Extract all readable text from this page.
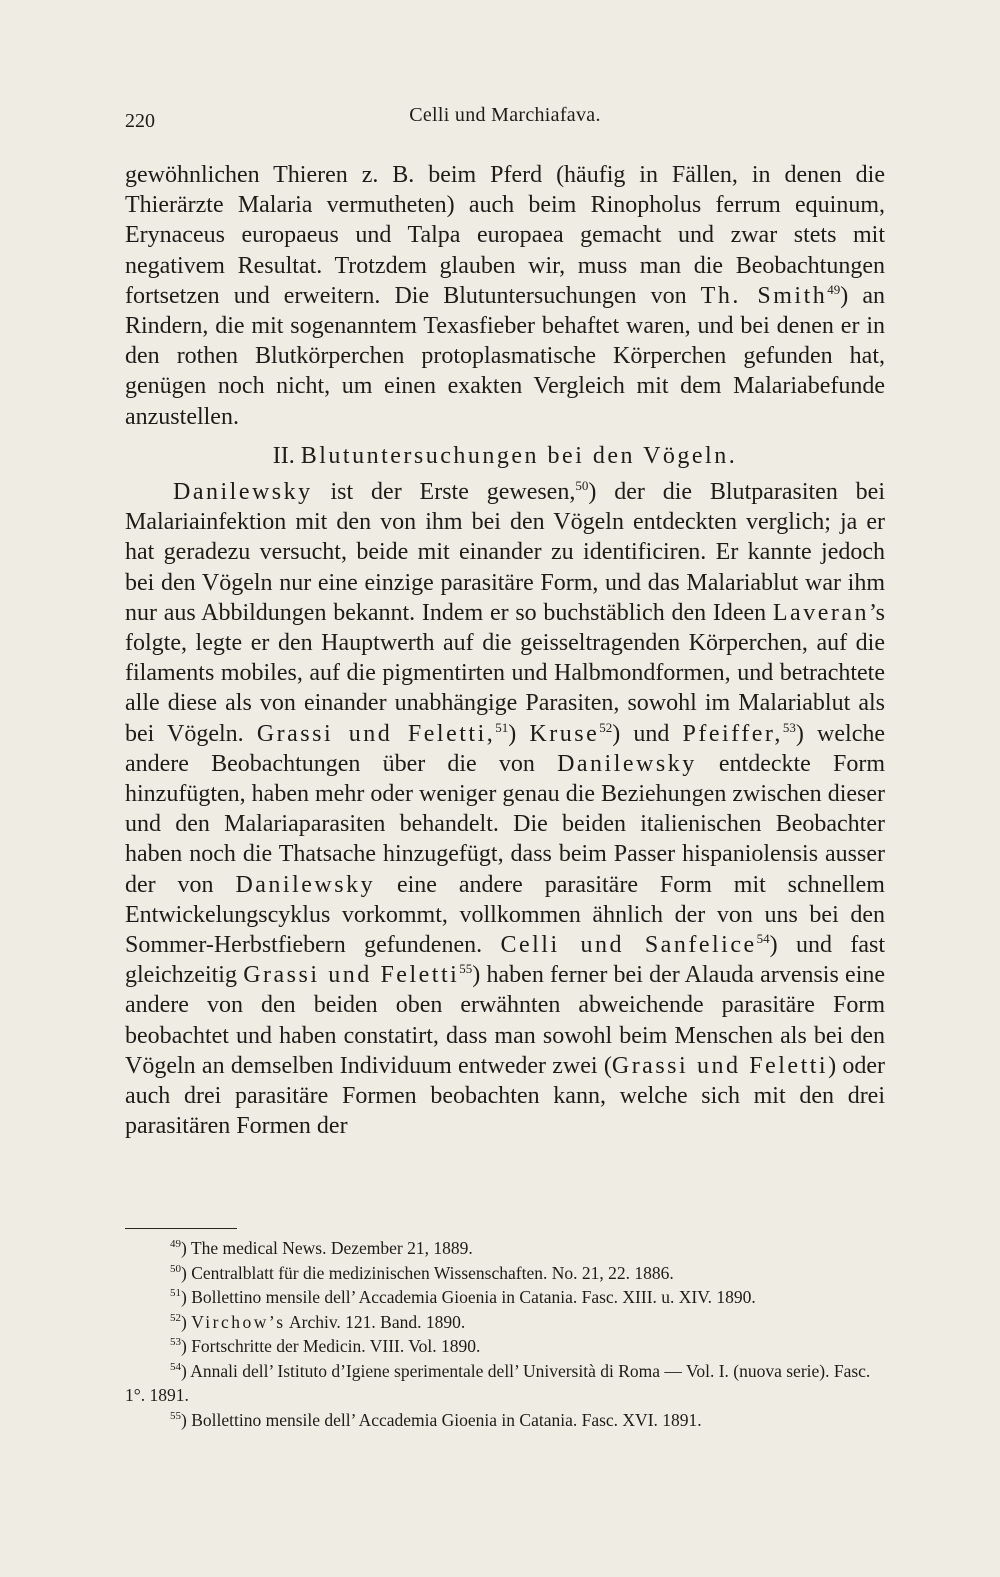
220	Celli und Marchiafava.

gewöhnlichen Thieren z. B. beim Pferd (häufig in Fällen, in denen die Thierärzte Malaria vermutheten) auch beim Rinopholus ferrum equinum, Erynaceus europaeus und Talpa europaea gemacht und zwar stets mit negativem Resultat. Trotzdem glauben wir, muss man die Beobachtungen fortsetzen und erweitern. Die Blutuntersuchungen von Th. Smith$^{49}$) an Rindern, die mit sogenanntem Texasfieber behaftet waren, und bei denen er in den rothen Blutkörperchen protoplasmatische Körperchen gefunden hat, genügen noch nicht, um einen exakten Vergleich mit dem Malariabefunde anzustellen.

II. Blutuntersuchungen bei den Vögeln.

Danilewsky ist der Erste gewesen,$^{50}$) der die Blutparasiten bei Malariainfektion mit den von ihm bei den Vögeln entdeckten verglich; ja er hat geradezu versucht, beide mit einander zu identificiren. Er kannte jedoch bei den Vögeln nur eine einzige parasitäre Form, und das Malariablut war ihm nur aus Abbildungen bekannt. Indem er so buchstäblich den Ideen Laveran’s folgte, legte er den Hauptwerth auf die geisseltragenden Körperchen, auf die filaments mobiles, auf die pigmentirten und Halbmondformen, und betrachtete alle diese als von einander unabhängige Parasiten, sowohl im Malariablut als bei Vögeln. Grassi und Feletti,$^{51}$) Kruse$^{52}$) und Pfeiffer,$^{53}$) welche andere Beobachtungen über die von Danilewsky entdeckte Form hinzufügten, haben mehr oder weniger genau die Beziehungen zwischen dieser und den Malariaparasiten behandelt. Die beiden italienischen Beobachter haben noch die Thatsache hinzugefügt, dass beim Passer hispaniolensis ausser der von Danilewsky eine andere parasitäre Form mit schnellem Entwickelungscyklus vorkommt, vollkommen ähnlich der von uns bei den Sommer-Herbstfiebern gefundenen. Celli und Sanfelice$^{54}$) und fast gleichzeitig Grassi und Feletti$^{55}$) haben ferner bei der Alauda arvensis eine andere von den beiden oben erwähnten abweichende parasitäre Form beobachtet und haben constatirt, dass man sowohl beim Menschen als bei den Vögeln an demselben Individuum entweder zwei (Grassi und Feletti) oder auch drei parasitäre Formen beobachten kann, welche sich mit den drei parasitären Formen der

$^{49}$) The medical News. Dezember 21, 1889.

$^{50}$) Centralblatt für die medizinischen Wissenschaften. No. 21, 22. 1886.

$^{51}$) Bollettino mensile dell’ Accademia Gioenia in Catania. Fasc. XIII. u. XIV. 1890.

$^{52}$) Virchow’s Archiv. 121. Band. 1890.

$^{53}$) Fortschritte der Medicin. VIII. Vol. 1890.

$^{54}$) Annali dell’ Istituto d’Igiene sperimentale dell’ Università di Roma — Vol. I. (nuova serie). Fasc. 1°. 1891.

$^{55}$) Bollettino mensile dell’ Accademia Gioenia in Catania. Fasc. XVI. 1891.
